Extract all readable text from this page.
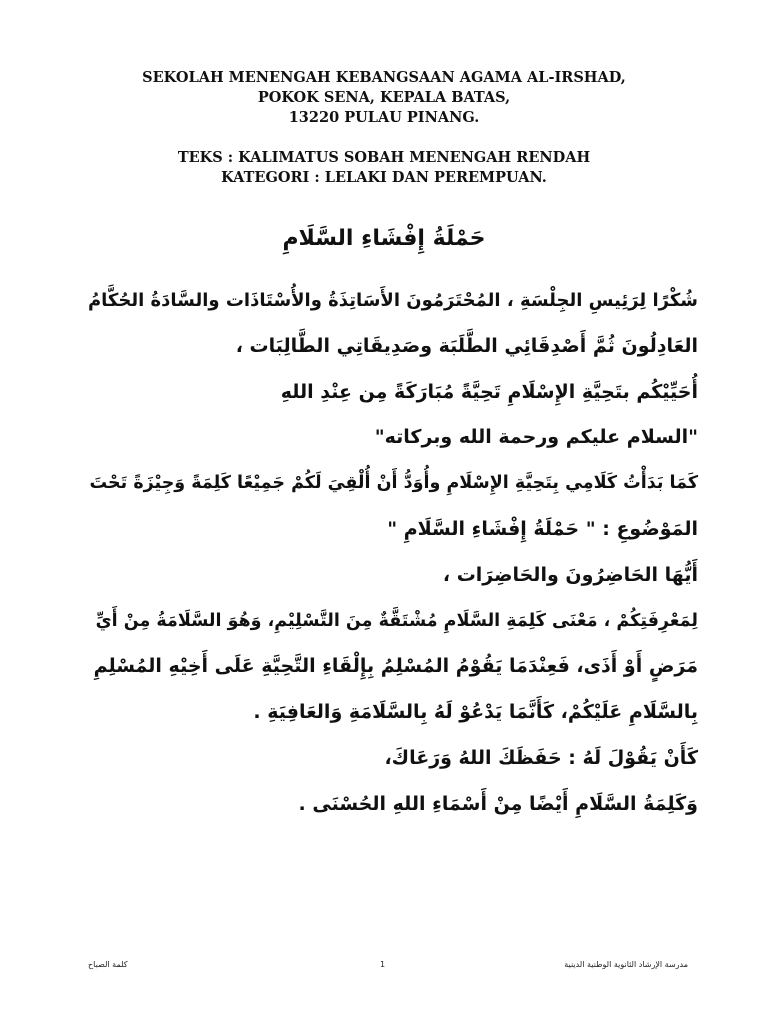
SEKOLAH MENENGAH KEBANGSAAN AGAMA AL-IRSHAD,
POKOK SENA, KEPALA BATAS,
13220 PULAU PINANG.
TEKS : KALIMATUS SOBAH MENENGAH RENDAH
KATEGORI : LELAKI DAN PEREMPUAN.
حَمْلَةُ إِفْشَاءِ السَّلَامِ
شُكْرًا لِرَئِيسِ الجِلْسَةِ ، المُحْتَرَمُونَ الأَسَاتِذَةُ والأُسْتَاذَات والسَّادَةُ الحُكَّامُ
العَادِلُونَ ثُمَّ أَصْدِقَائِي الطَّلَبَة وصَدِيقَاتِي الطَّالِبَات ،
أُحَيِّيْكُم بتَحِيَّةِ الإِسْلَامِ تَحِيَّةً مُبَارَكَةً مِن عِنْدِ اللهِ
"السلام عليكم ورحمة الله وبركاته"
كَمَا بَدَأْتُ كَلَامِي بِتَحِيَّةِ الإِسْلَامِ وأُوَدُّ أَنْ أُلْقِيَ لَكُمْ جَمِيْعًا كَلِمَةً وَجِيْزَةً تَحْتَ
المَوْضُوعِ : " حَمْلَةُ إِفْشَاءِ السَّلَامِ "
أَيُّهَا الحَاضِرُونَ والحَاضِرَات ،
لِمَعْرِفَتِكُمْ ، مَعْنَى كَلِمَةِ السَّلَامِ مُشْتَقَّةٌ مِنَ التَّسْلِيْمِ، وَهُوَ السَّلَامَةُ مِنْ أَيِّ
مَرَضٍ أَوْ أَذَى، فَعِنْدَمَا يَقُوْمُ المُسْلِمُ بِإِلْقَاءِ التَّحِيَّةِ عَلَى أَخِيْهِ المُسْلِمِ
بِالسَّلَامِ عَلَيْكُمْ، كَأَنَّمَا يَدْعُوْ لَهُ بِالسَّلَامَةِ وَالعَافِيَةِ .
كَأَنْ يَقُوْلَ لَهُ : حَفَظَكَ اللهُ وَرَعَاكَ،
وَكَلِمَةُ السَّلَامِ أَيْضًا مِنْ أَسْمَاءِ اللهِ الحُسْنَى .
كلمة الصباح	1	مدرسة الإرشاد الثانوية الوطنية الدينية
